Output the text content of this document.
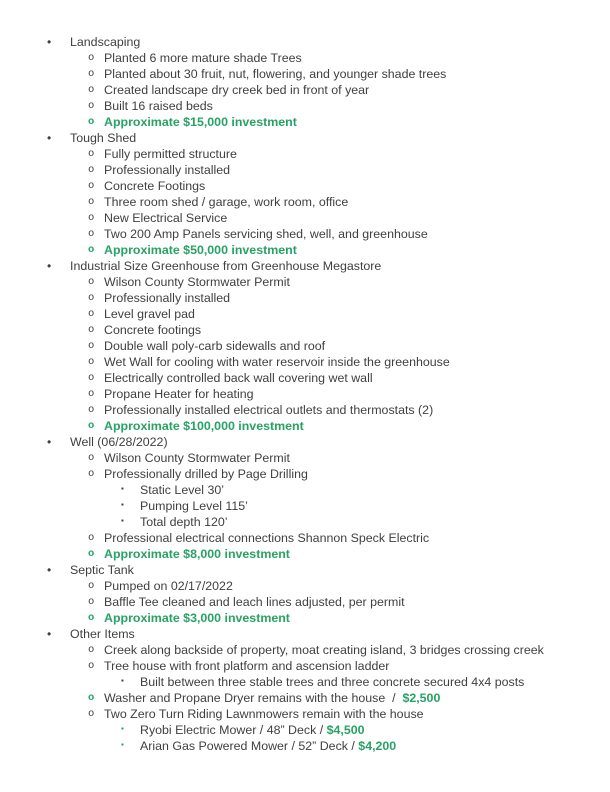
• Landscaping
o Planted 6 more mature shade Trees
o Planted about 30 fruit, nut, flowering, and younger shade trees
o Created landscape dry creek bed in front of year
o Built 16 raised beds
o Approximate $15,000 investment
• Tough Shed
o Fully permitted structure
o Professionally installed
o Concrete Footings
o Three room shed / garage, work room, office
o New Electrical Service
o Two 200 Amp Panels servicing shed, well, and greenhouse
o Approximate $50,000 investment
• Industrial Size Greenhouse from Greenhouse Megastore
o Wilson County Stormwater Permit
o Professionally installed
o Level gravel pad
o Concrete footings
o Double wall poly-carb sidewalls and roof
o Wet Wall for cooling with water reservoir inside the greenhouse
o Electrically controlled back wall covering wet wall
o Propane Heater for heating
o Professionally installed electrical outlets and thermostats (2)
o Approximate $100,000 investment
• Well (06/28/2022)
o Wilson County Stormwater Permit
o Professionally drilled by Page Drilling
▪ Static Level 30’
▪ Pumping Level 115’
▪ Total depth 120’
o Professional electrical connections Shannon Speck Electric
o Approximate $8,000 investment
• Septic Tank
o Pumped on 02/17/2022
o Baffle Tee cleaned and leach lines adjusted, per permit
o Approximate $3,000 investment
• Other Items
o Creek along backside of property, moat creating island, 3 bridges crossing creek
o Tree house with front platform and ascension ladder
▪ Built between three stable trees and three concrete secured 4x4 posts
o Washer and Propane Dryer remains with the house  /  $2,500
o Two Zero Turn Riding Lawnmowers remain with the house
▪ Ryobi Electric Mower / 48” Deck / $4,500
▪ Arian Gas Powered Mower / 52” Deck / $4,200
